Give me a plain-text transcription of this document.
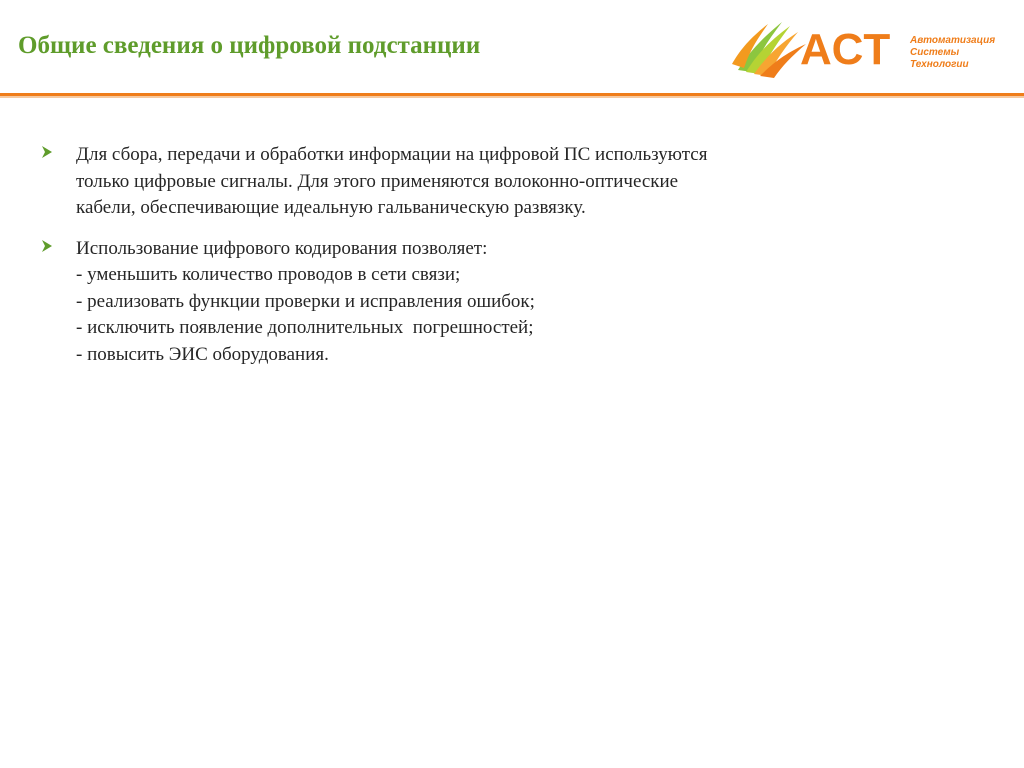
Общие сведения о цифровой подстанции	АСТ Автоматизация
Системы
Технологии
Для сбора, передачи и обработки информации на цифровой ПС используются
только цифровые сигналы. Для этого применяются волоконно-оптические
кабели, обеспечивающие идеальную гальваническую развязку.
Использование цифрового кодирования позволяет:
- уменьшить количество проводов в сети связи;
- реализовать функции проверки и исправления ошибок;
- исключить появление дополнительных  погрешностей;
- повысить ЭИС оборудования.
